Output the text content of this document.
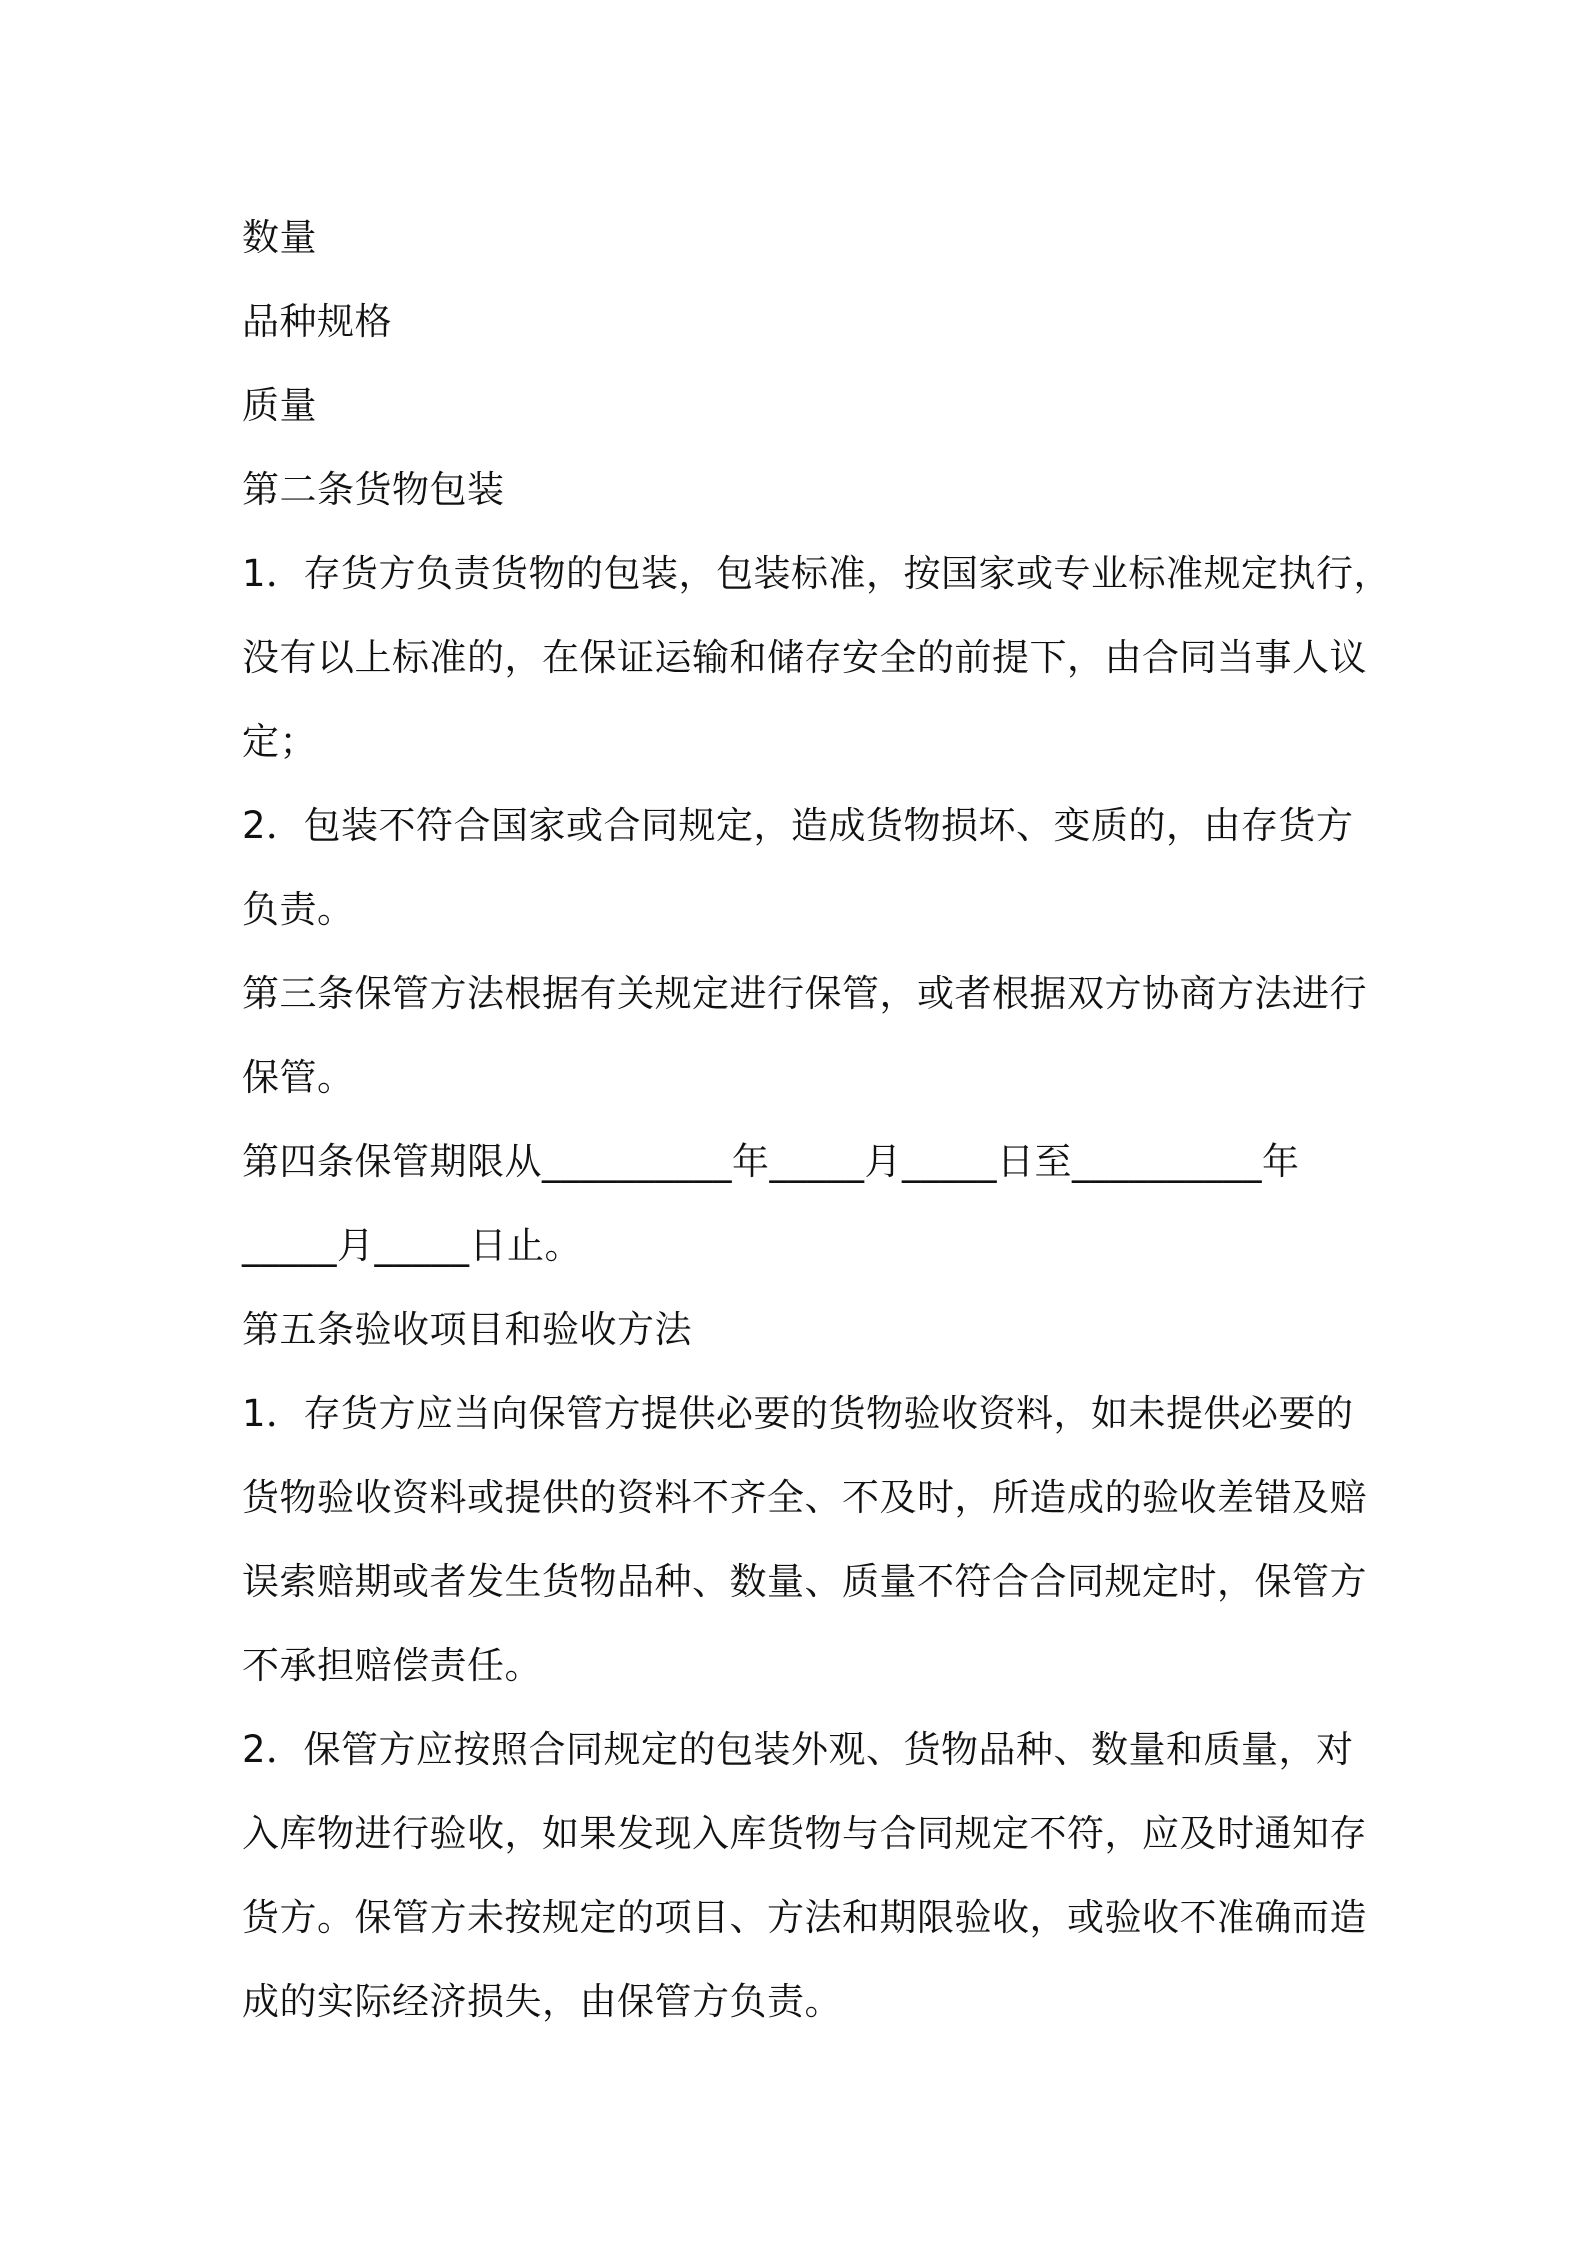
数量
品种规格
质量
第二条货物包装
1．存货方负责货物的包装，包装标准，按国家或专业标准规定执行，
没有以上标准的，在保证运输和储存安全的前提下，由合同当事人议
定；
2．包装不符合国家或合同规定，造成货物损坏、变质的，由存货方
负责。
第三条保管方法根据有关规定进行保管，或者根据双方协商方法进行
保管。
第四条保管期限从__________年_____月_____日至__________年
_____月_____日止。
第五条验收项目和验收方法
1．存货方应当向保管方提供必要的货物验收资料，如未提供必要的
货物验收资料或提供的资料不齐全、不及时，所造成的验收差错及赔
误索赔期或者发生货物品种、数量、质量不符合合同规定时，保管方
不承担赔偿责任。
2．保管方应按照合同规定的包装外观、货物品种、数量和质量，对
入库物进行验收，如果发现入库货物与合同规定不符，应及时通知存
货方。保管方未按规定的项目、方法和期限验收，或验收不准确而造
成的实际经济损失，由保管方负责。
